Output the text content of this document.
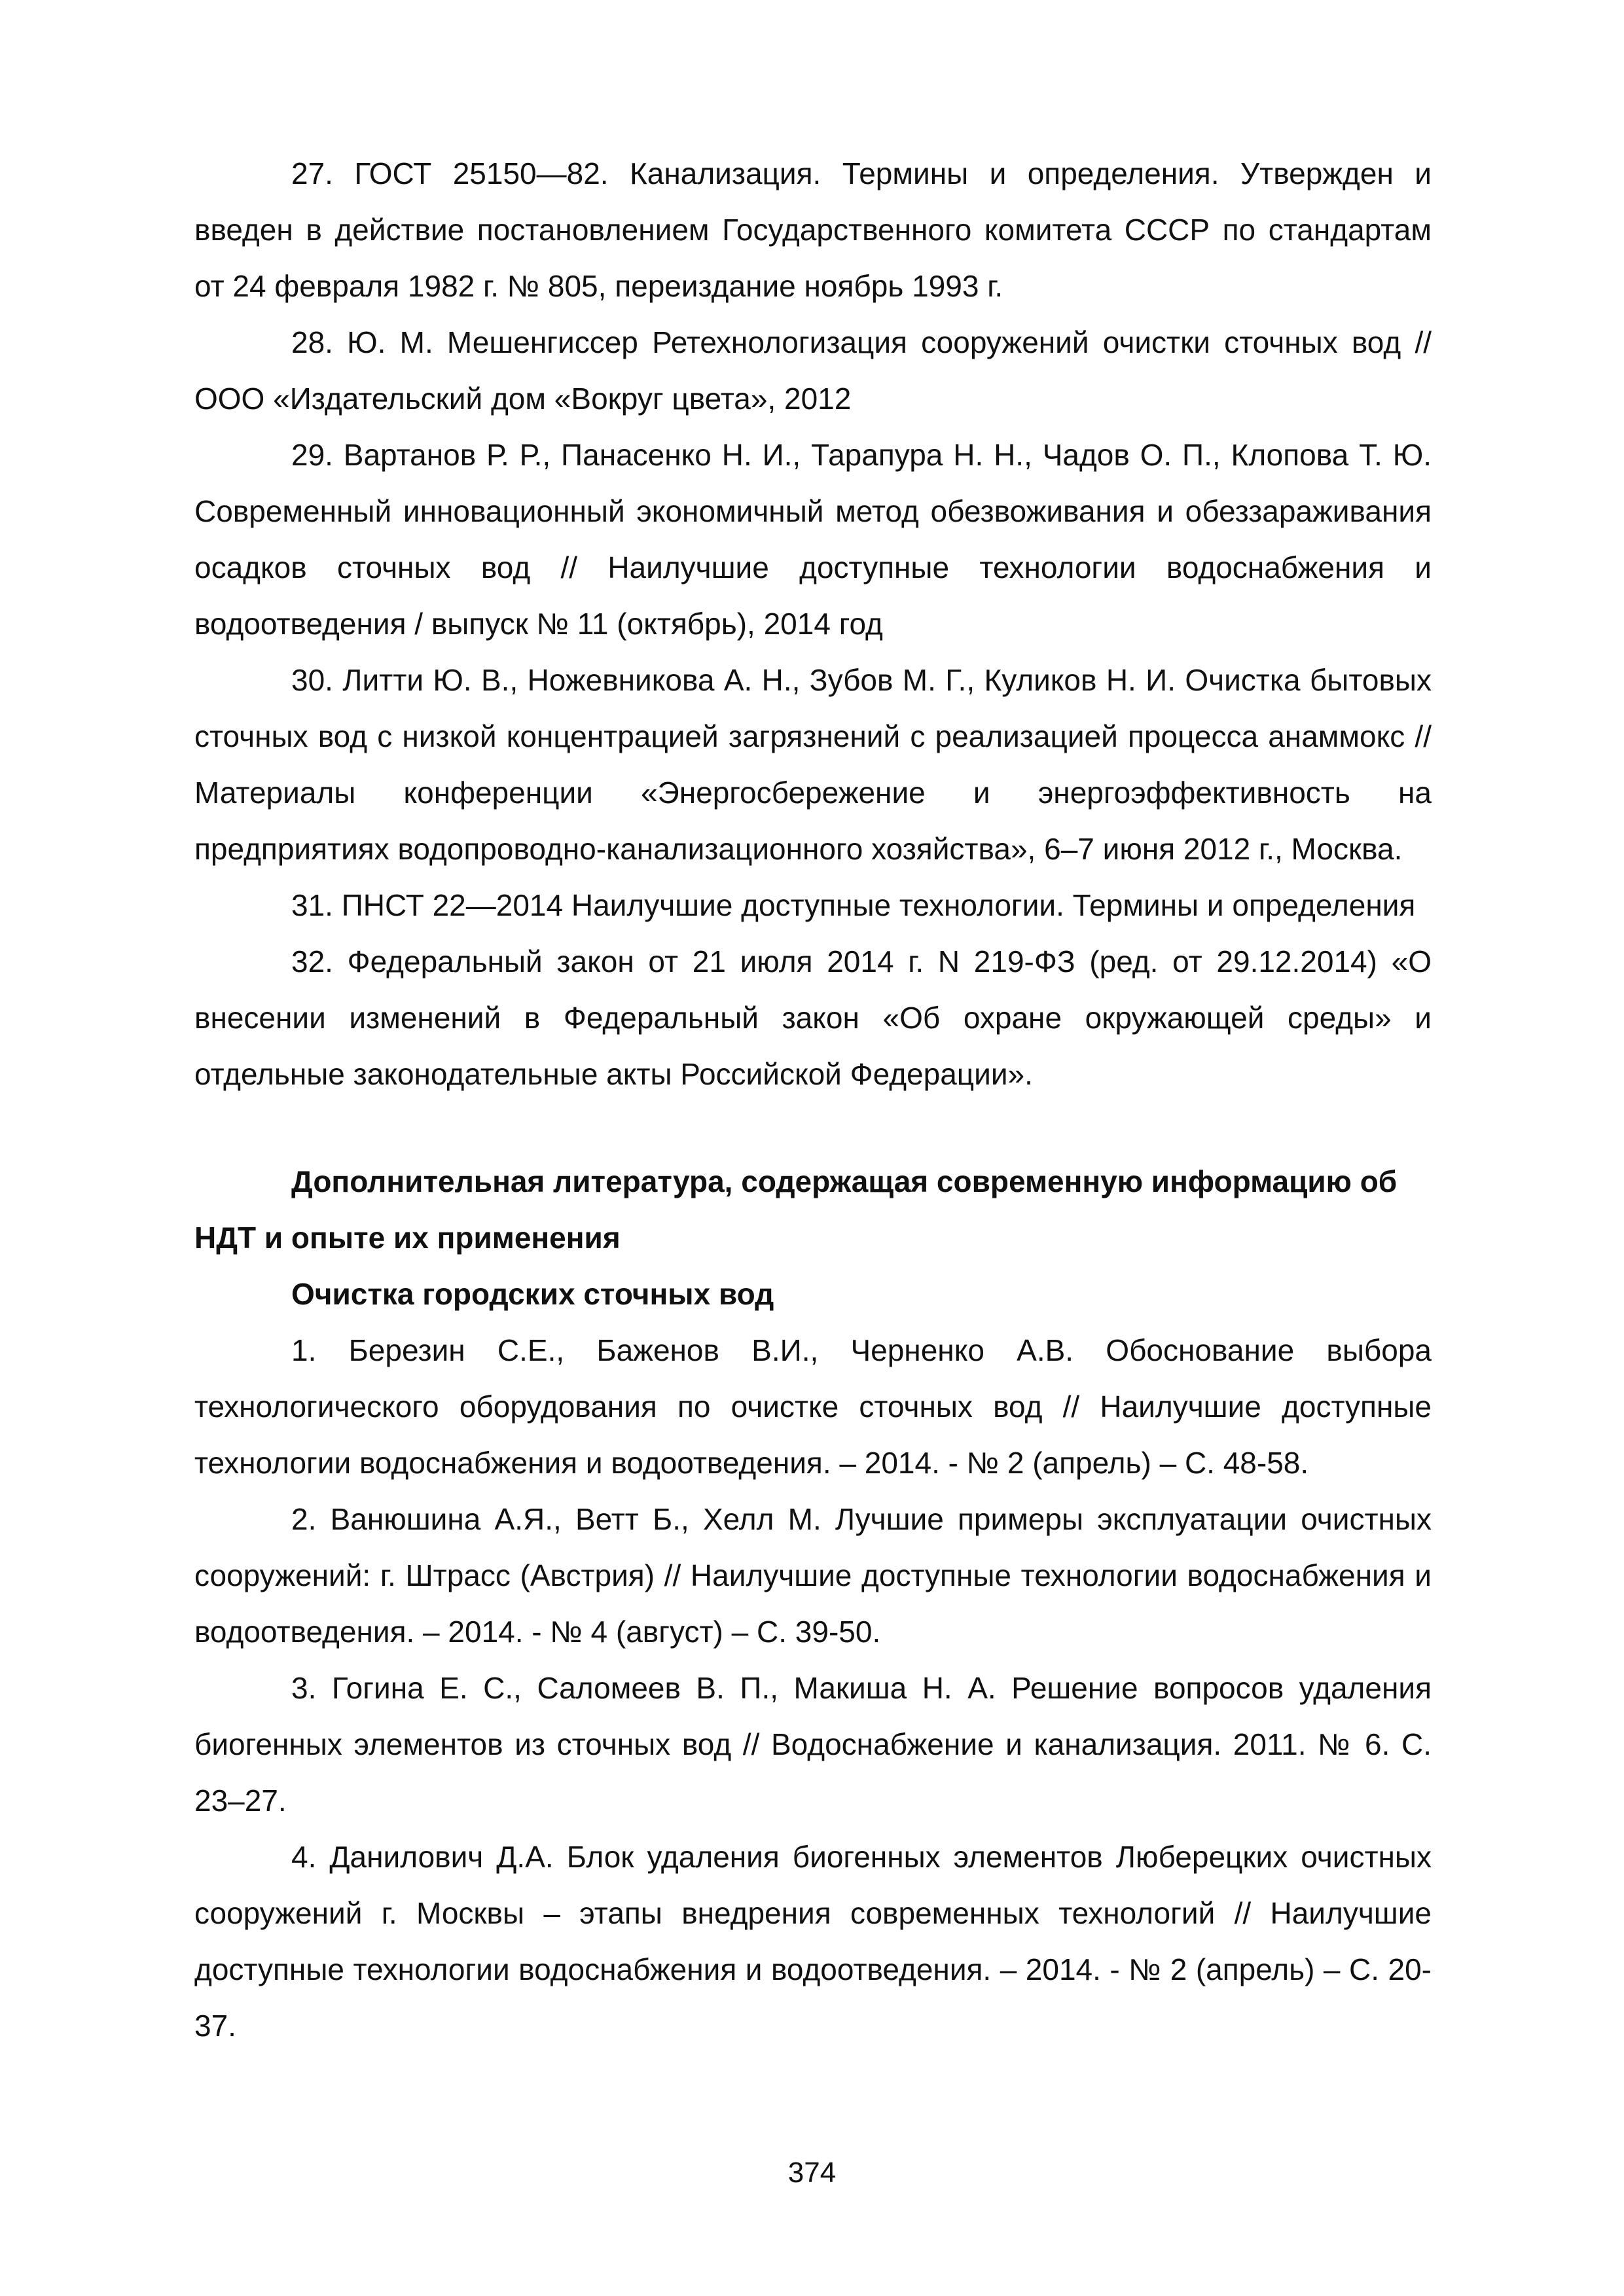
27. ГОСТ 25150—82. Канализация. Термины и определения. Утвержден и введен в действие постановлением Государственного комитета СССР по стандартам от 24 февраля 1982 г. № 805, переиздание ноябрь 1993 г.

28. Ю. М. Мешенгиссер Ретехнологизация сооружений очистки сточных вод // ООО «Издательский дом «Вокруг цвета», 2012

29. Вартанов Р. Р., Панасенко Н. И., Тарапура Н. Н., Чадов О. П., Клопова Т. Ю. Современный инновационный экономичный метод обезвоживания и обеззараживания осадков сточных вод // Наилучшие доступные технологии водоснабжения и водоотведения / выпуск № 11 (октябрь), 2014 год

30. Литти Ю. В., Ножевникова А. Н., Зубов М. Г., Куликов Н. И. Очистка бытовых сточных вод с низкой концентрацией загрязнений с реализацией процесса анаммокс // Материалы конференции «Энергосбережение и энергоэффективность на предприятиях водопроводно-канализационного хозяйства», 6–7 июня 2012 г., Москва.

31. ПНСТ 22—2014 Наилучшие доступные технологии. Термины и определения

32. Федеральный закон от 21 июля 2014 г. N 219-ФЗ (ред. от 29.12.2014) «О внесении изменений в Федеральный закон «Об охране окружающей среды» и отдельные законодательные акты Российской Федерации».

Дополнительная литература, содержащая современную информацию об НДТ и опыте их применения

Очистка городских сточных вод

1. Березин С.Е., Баженов В.И., Черненко А.В. Обоснование выбора технологического оборудования по очистке сточных вод // Наилучшие доступные технологии водоснабжения и водоотведения. – 2014. - № 2 (апрель) – С. 48-58.

2. Ванюшина А.Я., Ветт Б., Хелл М. Лучшие примеры эксплуатации очистных сооружений: г. Штрасс (Австрия) // Наилучшие доступные технологии водоснабжения и водоотведения. – 2014. - № 4 (август) – С. 39-50.

3. Гогина Е. С., Саломеев В. П., Макиша Н. А. Решение вопросов удаления биогенных элементов из сточных вод // Водоснабжение и канализация. 2011. № 6. С. 23–27.

4. Данилович Д.А. Блок удаления биогенных элементов Люберецких очистных сооружений г. Москвы – этапы внедрения современных технологий // Наилучшие доступные технологии водоснабжения и водоотведения. – 2014. - № 2 (апрель) – С. 20-37.

374
